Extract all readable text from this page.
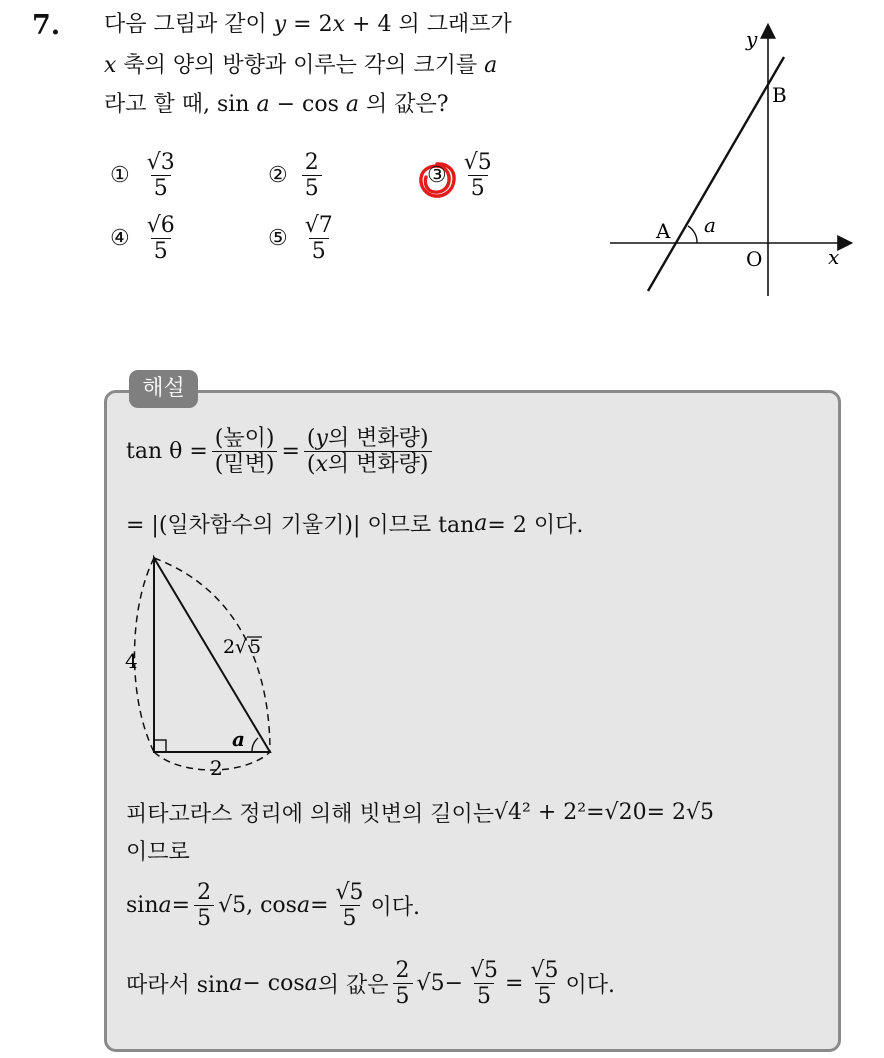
7. 다음 그림과 같이 y = 2x + 4 의 그래프가
x 축의 양의 방향과 이루는 각의 크기를 a
라고 할 때, sin a − cos a 의 값은?
① $\frac{√3}{5}$	② $\frac{2}{5}$	③ $\frac{√5}{5}$
④ $\frac{√6}{5}$	⑤ $\frac{√7}{5}$
y
B
A a
O	x
해설
$\tan \theta = \frac{\text{(높이)}}{\text{(밑변)}} = \frac{\text{(y의 변화량)}}{\text{(x의 변화량)}}$
= |(일차함수의 기울기)| 이므로 tan a = 2 이다.
4
2
2 √ 5
a
피타고라스 정리에 의해 빗변의 길이는 √ 4² + 2² = √ 20 = 2 √ 5
이므로
$\sin a = \frac{2}{5}$ √ 5 , $\cos a = \frac{√5}{5}$ 이다.
따라서 sin a − cos a 의 값은 $\frac{2}{5}$ √ $5 - \frac{√5}{5} = \frac{√5}{5}$ 이다.
